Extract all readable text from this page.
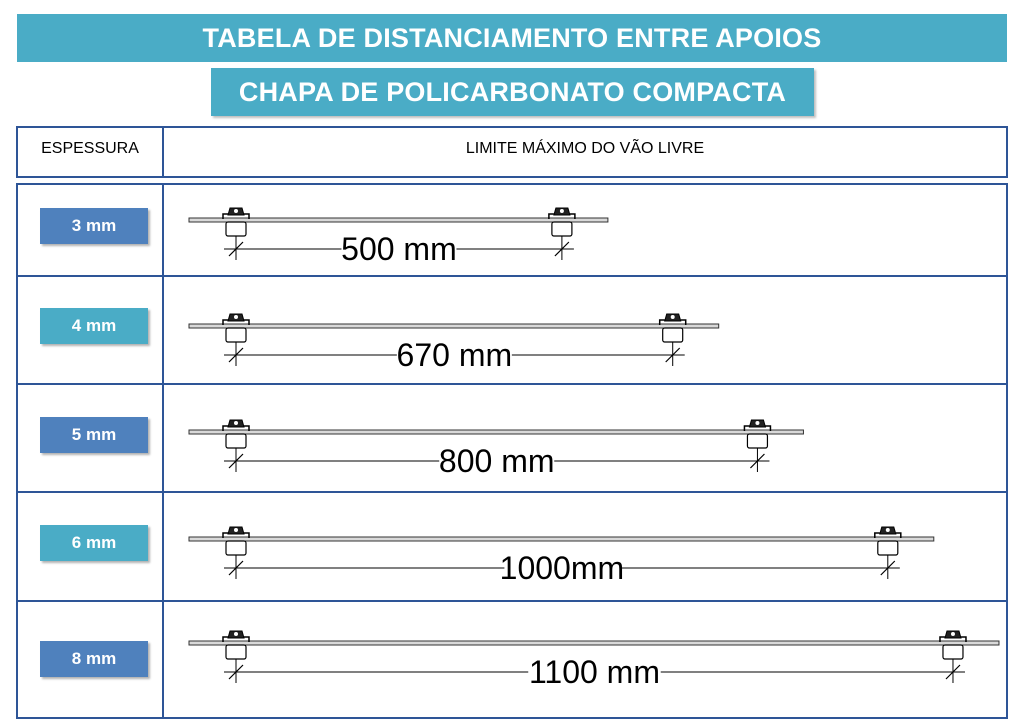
TABELA DE DISTANCIAMENTO ENTRE APOIOS
CHAPA DE POLICARBONATO COMPACTA
ESPESSURA	LIMITE MÁXIMO DO VÃO LIVRE
3 mm
4 mm
5 mm
6 mm
8 mm
500 mm
670 mm
800 mm
1000mm
1100 mm
